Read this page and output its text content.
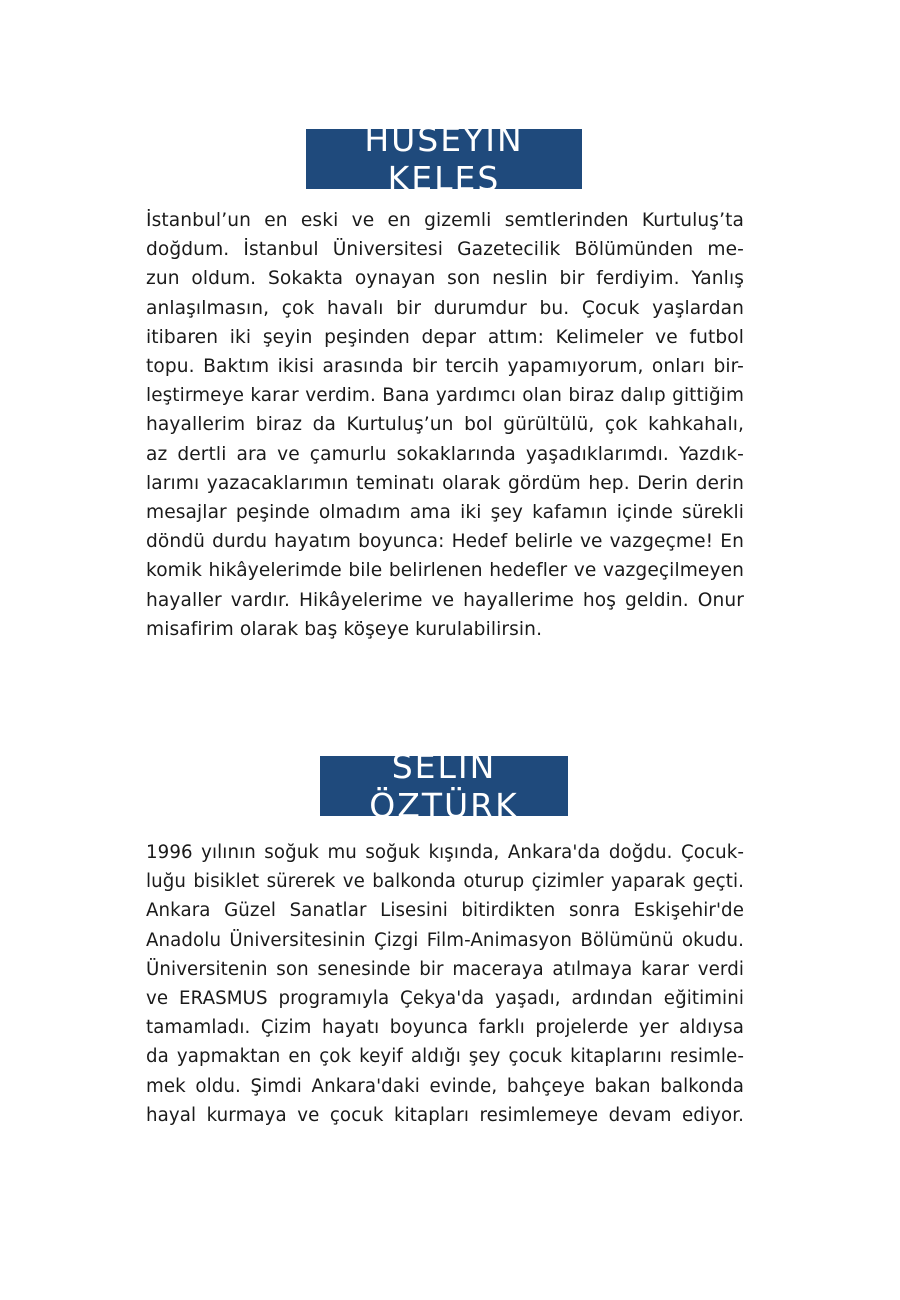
HÜSEYİN KELEŞ

İstanbul’un en eski ve en gizemli semtlerinden Kurtuluş’ta
doğdum. İstanbul Üniversitesi Gazetecilik Bölümünden me-
zun oldum. Sokakta oynayan son neslin bir ferdiyim. Yanlış
anlaşılmasın, çok havalı bir durumdur bu. Çocuk yaşlardan
itibaren iki şeyin peşinden depar attım: Kelimeler ve futbol
topu. Baktım ikisi arasında bir tercih yapamıyorum, onları bir-
leştirmeye karar verdim. Bana yardımcı olan biraz dalıp gittiğim
hayallerim biraz da Kurtuluş’un bol gürültülü, çok kahkahalı,
az dertli ara ve çamurlu sokaklarında yaşadıklarımdı. Yazdık-
larımı yazacaklarımın teminatı olarak gördüm hep. Derin derin
mesajlar peşinde olmadım ama iki şey kafamın içinde sürekli
döndü durdu hayatım boyunca: Hedef belirle ve vazgeçme! En
komik hikâyelerimde bile belirlenen hedefler ve vazgeçilmeyen
hayaller vardır. Hikâyelerime ve hayallerime hoş geldin. Onur
misafirim olarak baş köşeye kurulabilirsin.

SELİN ÖZTÜRK

1996 yılının soğuk mu soğuk kışında, Ankara'da doğdu. Çocuk-
luğu bisiklet sürerek ve balkonda oturup çizimler yaparak geçti.
Ankara Güzel Sanatlar Lisesini bitirdikten sonra Eskişehir'de
Anadolu Üniversitesinin Çizgi Film-Animasyon Bölümünü okudu.
Üniversitenin son senesinde bir maceraya atılmaya karar verdi
ve ERASMUS programıyla Çekya'da yaşadı, ardından eğitimini
tamamladı. Çizim hayatı boyunca farklı projelerde yer aldıysa
da yapmaktan en çok keyif aldığı şey çocuk kitaplarını resimle-
mek oldu. Şimdi Ankara'daki evinde, bahçeye bakan balkonda
hayal kurmaya ve çocuk kitapları resimlemeye devam ediyor.
